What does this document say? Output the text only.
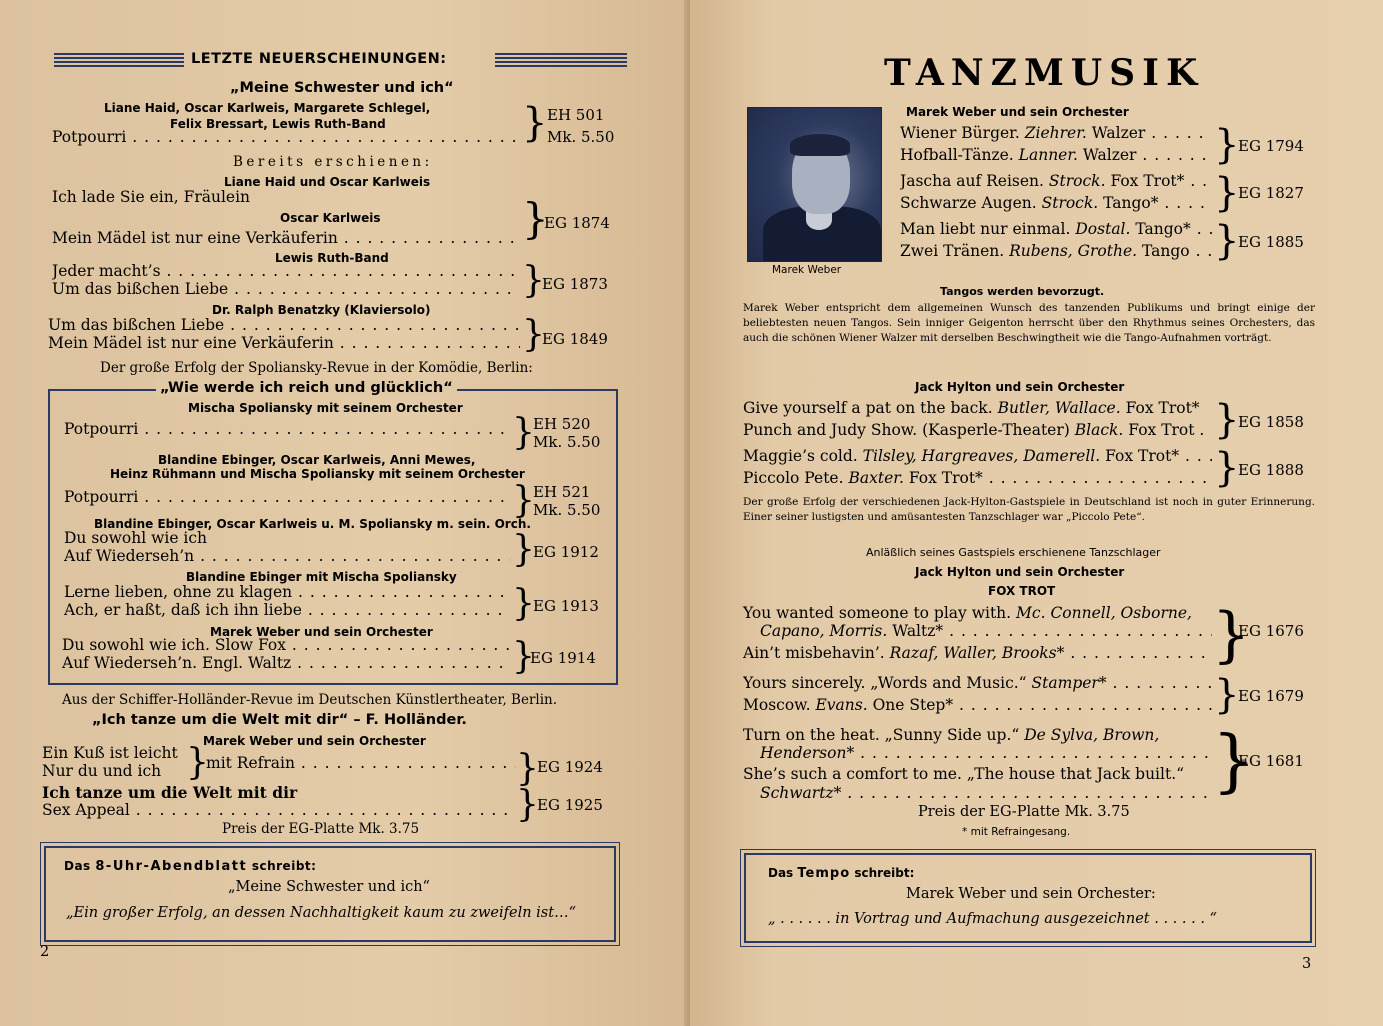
LETZTE NEUERSCHEINUNGEN:
„Meine Schwester und ich“
Liane Haid, Oscar Karlweis, Margarete Schlegel,
Felix Bressart, Lewis Ruth-Band
Potpourri . . .	} EH 501
Mk. 5.50
Bereits erschienen:
Liane Haid und Oscar Karlweis
Ich lade Sie ein, Fräulein
Oscar Karlweis
Mein Mädel ist nur eine Verkäuferin . . .	}
EG 1874
Lewis Ruth-Band
Jeder macht’s . . .
Um das bißchen Liebe . . .	}
EG 1873
Dr. Ralph Benatzky (Klaviersolo)
Um das bißchen Liebe . . .
Mein Mädel ist nur eine Verkäuferin . . .	}
EG 1849
Der große Erfolg der Spoliansky-Revue in der Komödie, Berlin:
„Wie werde ich reich und glücklich“
Mischa Spoliansky mit seinem Orchester
Potpourri . . .	}
EH 520
Mk. 5.50
Blandine Ebinger, Oscar Karlweis, Anni Mewes,
Heinz Rühmann und Mischa Spoliansky mit seinem Orchester
Potpourri . . .	}
EH 521
Mk. 5.50
Blandine Ebinger, Oscar Karlweis u. M. Spoliansky m. sein. Orch.
Du sowohl wie ich
Auf Wiederseh’n . . .	}
EG 1912
Blandine Ebinger mit Mischa Spoliansky
Lerne lieben, ohne zu klagen . . .
Ach, er haßt, daß ich ihn liebe . . .	}
EG 1913
Marek Weber und sein Orchester
Du sowohl wie ich. Slow Fox . . .
Auf Wiederseh’n. Engl. Waltz . . .	}
EG 1914
Aus der Schiffer-Holländer-Revue im Deutschen Künstlertheater, Berlin.
„Ich tanze um die Welt mit dir“ – F. Holländer.
Marek Weber und sein Orchester
Ein Kuß ist leicht
Nur du und ich }
mit Refrain . . .	}
EG 1924
Ich tanze um die Welt mit dir
Sex Appeal . . .	}
EG 1925
Preis der EG-Platte Mk. 3.75
Das 8-Uhr-Abendblatt schreibt:
„Meine Schwester und ich“
„Ein großer Erfolg, an dessen Nachhaltigkeit kaum zu zweifeln ist…“
2
TANZMUSIK
Marek Weber
Marek Weber und sein Orchester
Wiener Bürger. Ziehrer. Walzer . . .
Hofball-Tänze. Lanner. Walzer . . .	}
EG 1794
Jascha auf Reisen. Strock. Fox Trot* . . .
Schwarze Augen. Strock. Tango* . . .	}
EG 1827
Man liebt nur einmal. Dostal. Tango* . . .
Zwei Tränen. Rubens, Grothe. Tango . . . }
EG 1885
Tangos werden bevorzugt.
Marek Weber entspricht dem allgemeinen Wunsch des tanzenden Publikums und bringt einige der beliebtesten neuen Tangos. Sein inniger Geigenton herrscht über den Rhythmus seines Orchesters, das auch die schönen Wiener Walzer mit derselben Beschwingtheit wie die Tango-Aufnahmen vorträgt.
Jack Hylton und sein Orchester
Give yourself a pat on the back. Butler, Wallace. Fox Trot*
Punch and Judy Show. (Kasperle-Theater) Black. Fox Trot . }
EG 1858
Maggie’s cold. Tilsley, Hargreaves, Damerell. Fox Trot* . . .
Piccolo Pete. Baxter. Fox Trot* . . .	}
EG 1888
Der große Erfolg der verschiedenen Jack-Hylton-Gastspiele in Deutschland ist noch in guter Erinnerung. Einer seiner lustigsten und amüsantesten Tanzschlager war „Piccolo Pete“.
Anläßlich seines Gastspiels erschienene Tanzschlager
Jack Hylton und sein Orchester
FOX TROT
You wanted someone to play with. Mc. Connell, Osborne,
Capano, Morris. Waltz* . . .
Ain’t misbehavin’. Razaf, Waller, Brooks* . . .	}
EG 1676
Yours sincerely. „Words and Music.“ Stamper* . . .
Moscow. Evans. One Step* . . .	}
EG 1679
Turn on the heat. „Sunny Side up.“ De Sylva, Brown,
Henderson* . . .
She’s such a comfort to me. „The house that Jack built.“
Schwartz* . . .	}
EG 1681
Preis der EG-Platte Mk. 3.75
* mit Refraingesang.
Das Tempo schreibt:
Marek Weber und sein Orchester:
„ . . . . . . in Vortrag und Aufmachung ausgezeichnet . . . . . . “
3
